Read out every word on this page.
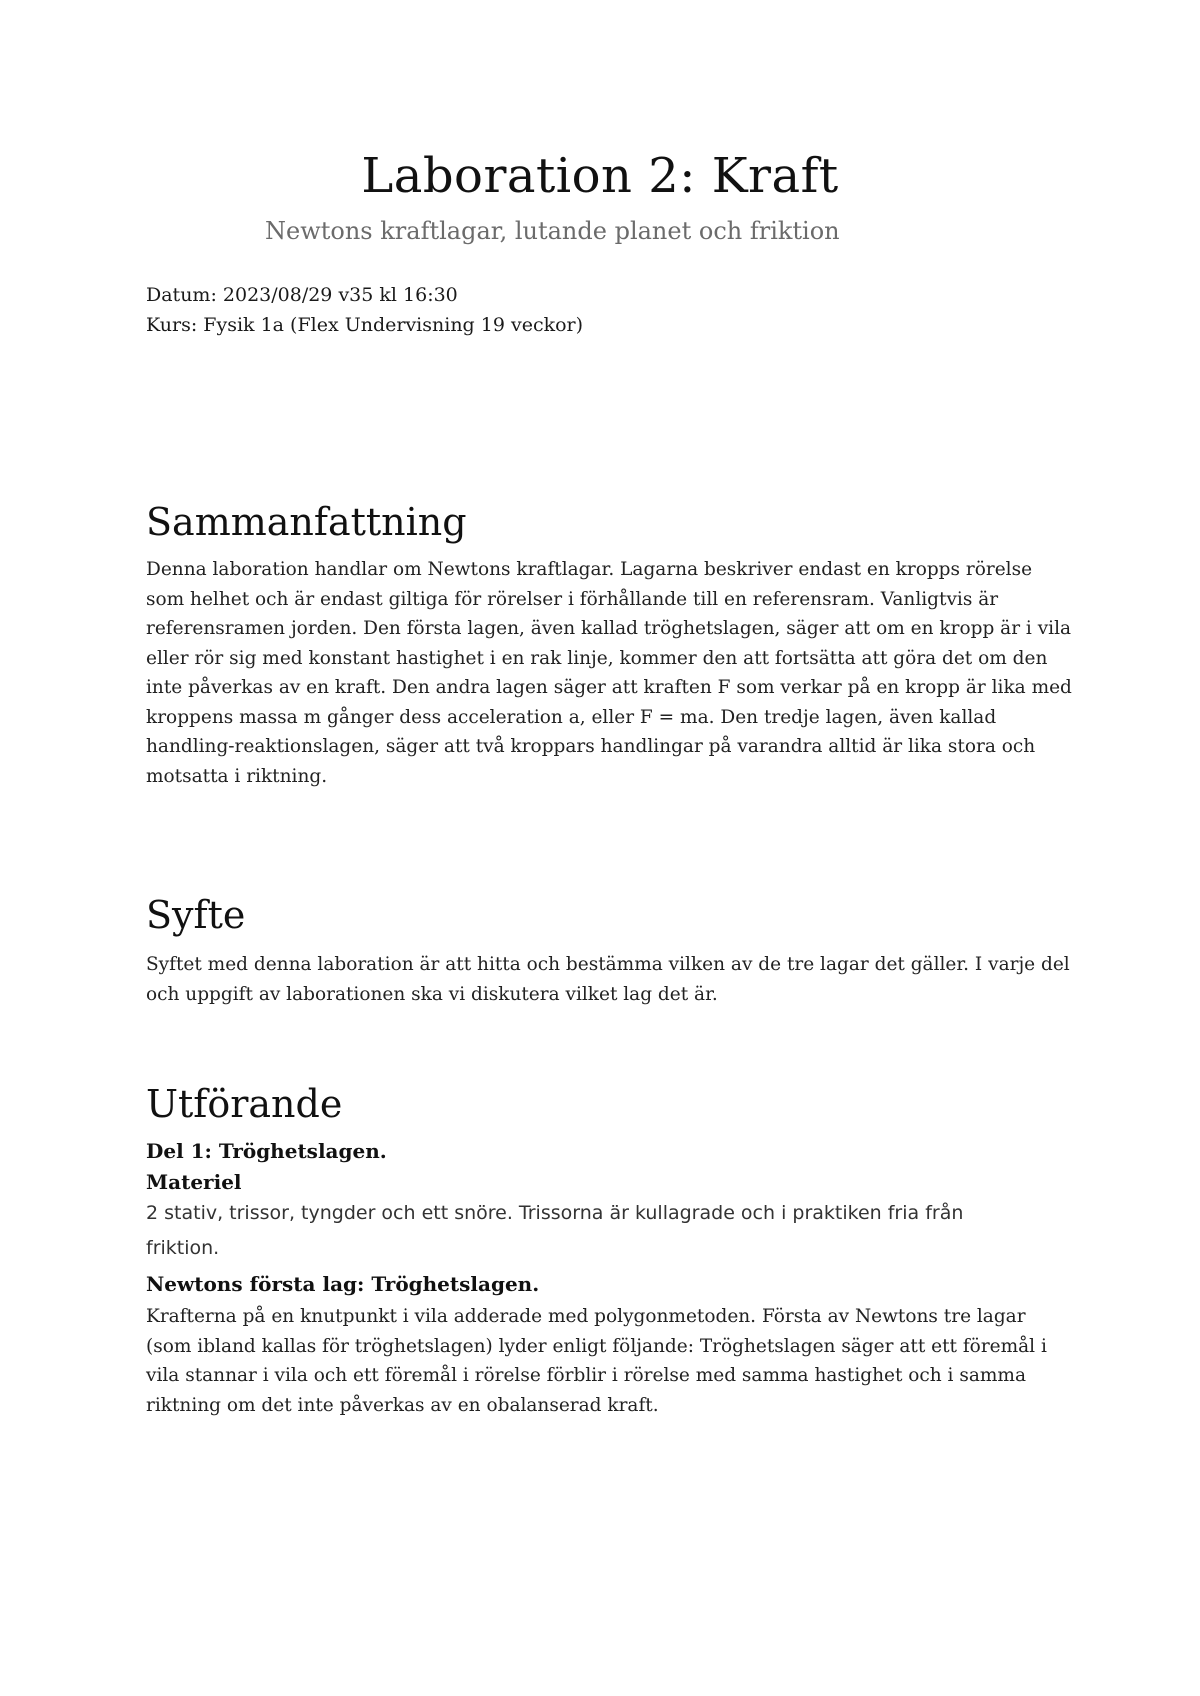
Laboration 2: Kraft

Newtons kraftlagar, lutande planet och friktion

Datum: 2023/08/29 v35 kl 16:30
Kurs: Fysik 1a (Flex Undervisning 19 veckor)
Sammanfattning

Denna laboration handlar om Newtons kraftlagar. Lagarna beskriver endast en kropps rörelse som helhet och är endast giltiga för rörelser i förhållande till en referensram. Vanligtvis är referensramen jorden. Den första lagen, även kallad tröghetslagen, säger att om en kropp är i vila eller rör sig med konstant hastighet i en rak linje, kommer den att fortsätta att göra det om den inte påverkas av en kraft. Den andra lagen säger att kraften F som verkar på en kropp är lika med kroppens massa m gånger dess acceleration a, eller F = ma. Den tredje lagen, även kallad handling-reaktionslagen, säger att två kroppars handlingar på varandra alltid är lika stora och motsatta i riktning.

Syfte

Syftet med denna laboration är att hitta och bestämma vilken av de tre lagar det gäller. I varje del och uppgift av laborationen ska vi diskutera vilket lag det är.

Utförande

Del 1: Tröghetslagen.

Materiel

2 stativ, trissor, tyngder och ett snöre. Trissorna är kullagrade och i praktiken fria från friktion.

Newtons första lag: Tröghetslagen.

Krafterna på en knutpunkt i vila adderade med polygonmetoden. Första av Newtons tre lagar (som ibland kallas för tröghetslagen) lyder enligt följande: Tröghetslagen säger att ett föremål i vila stannar i vila och ett föremål i rörelse förblir i rörelse med samma hastighet och i samma riktning om det inte påverkas av en obalanserad kraft.
